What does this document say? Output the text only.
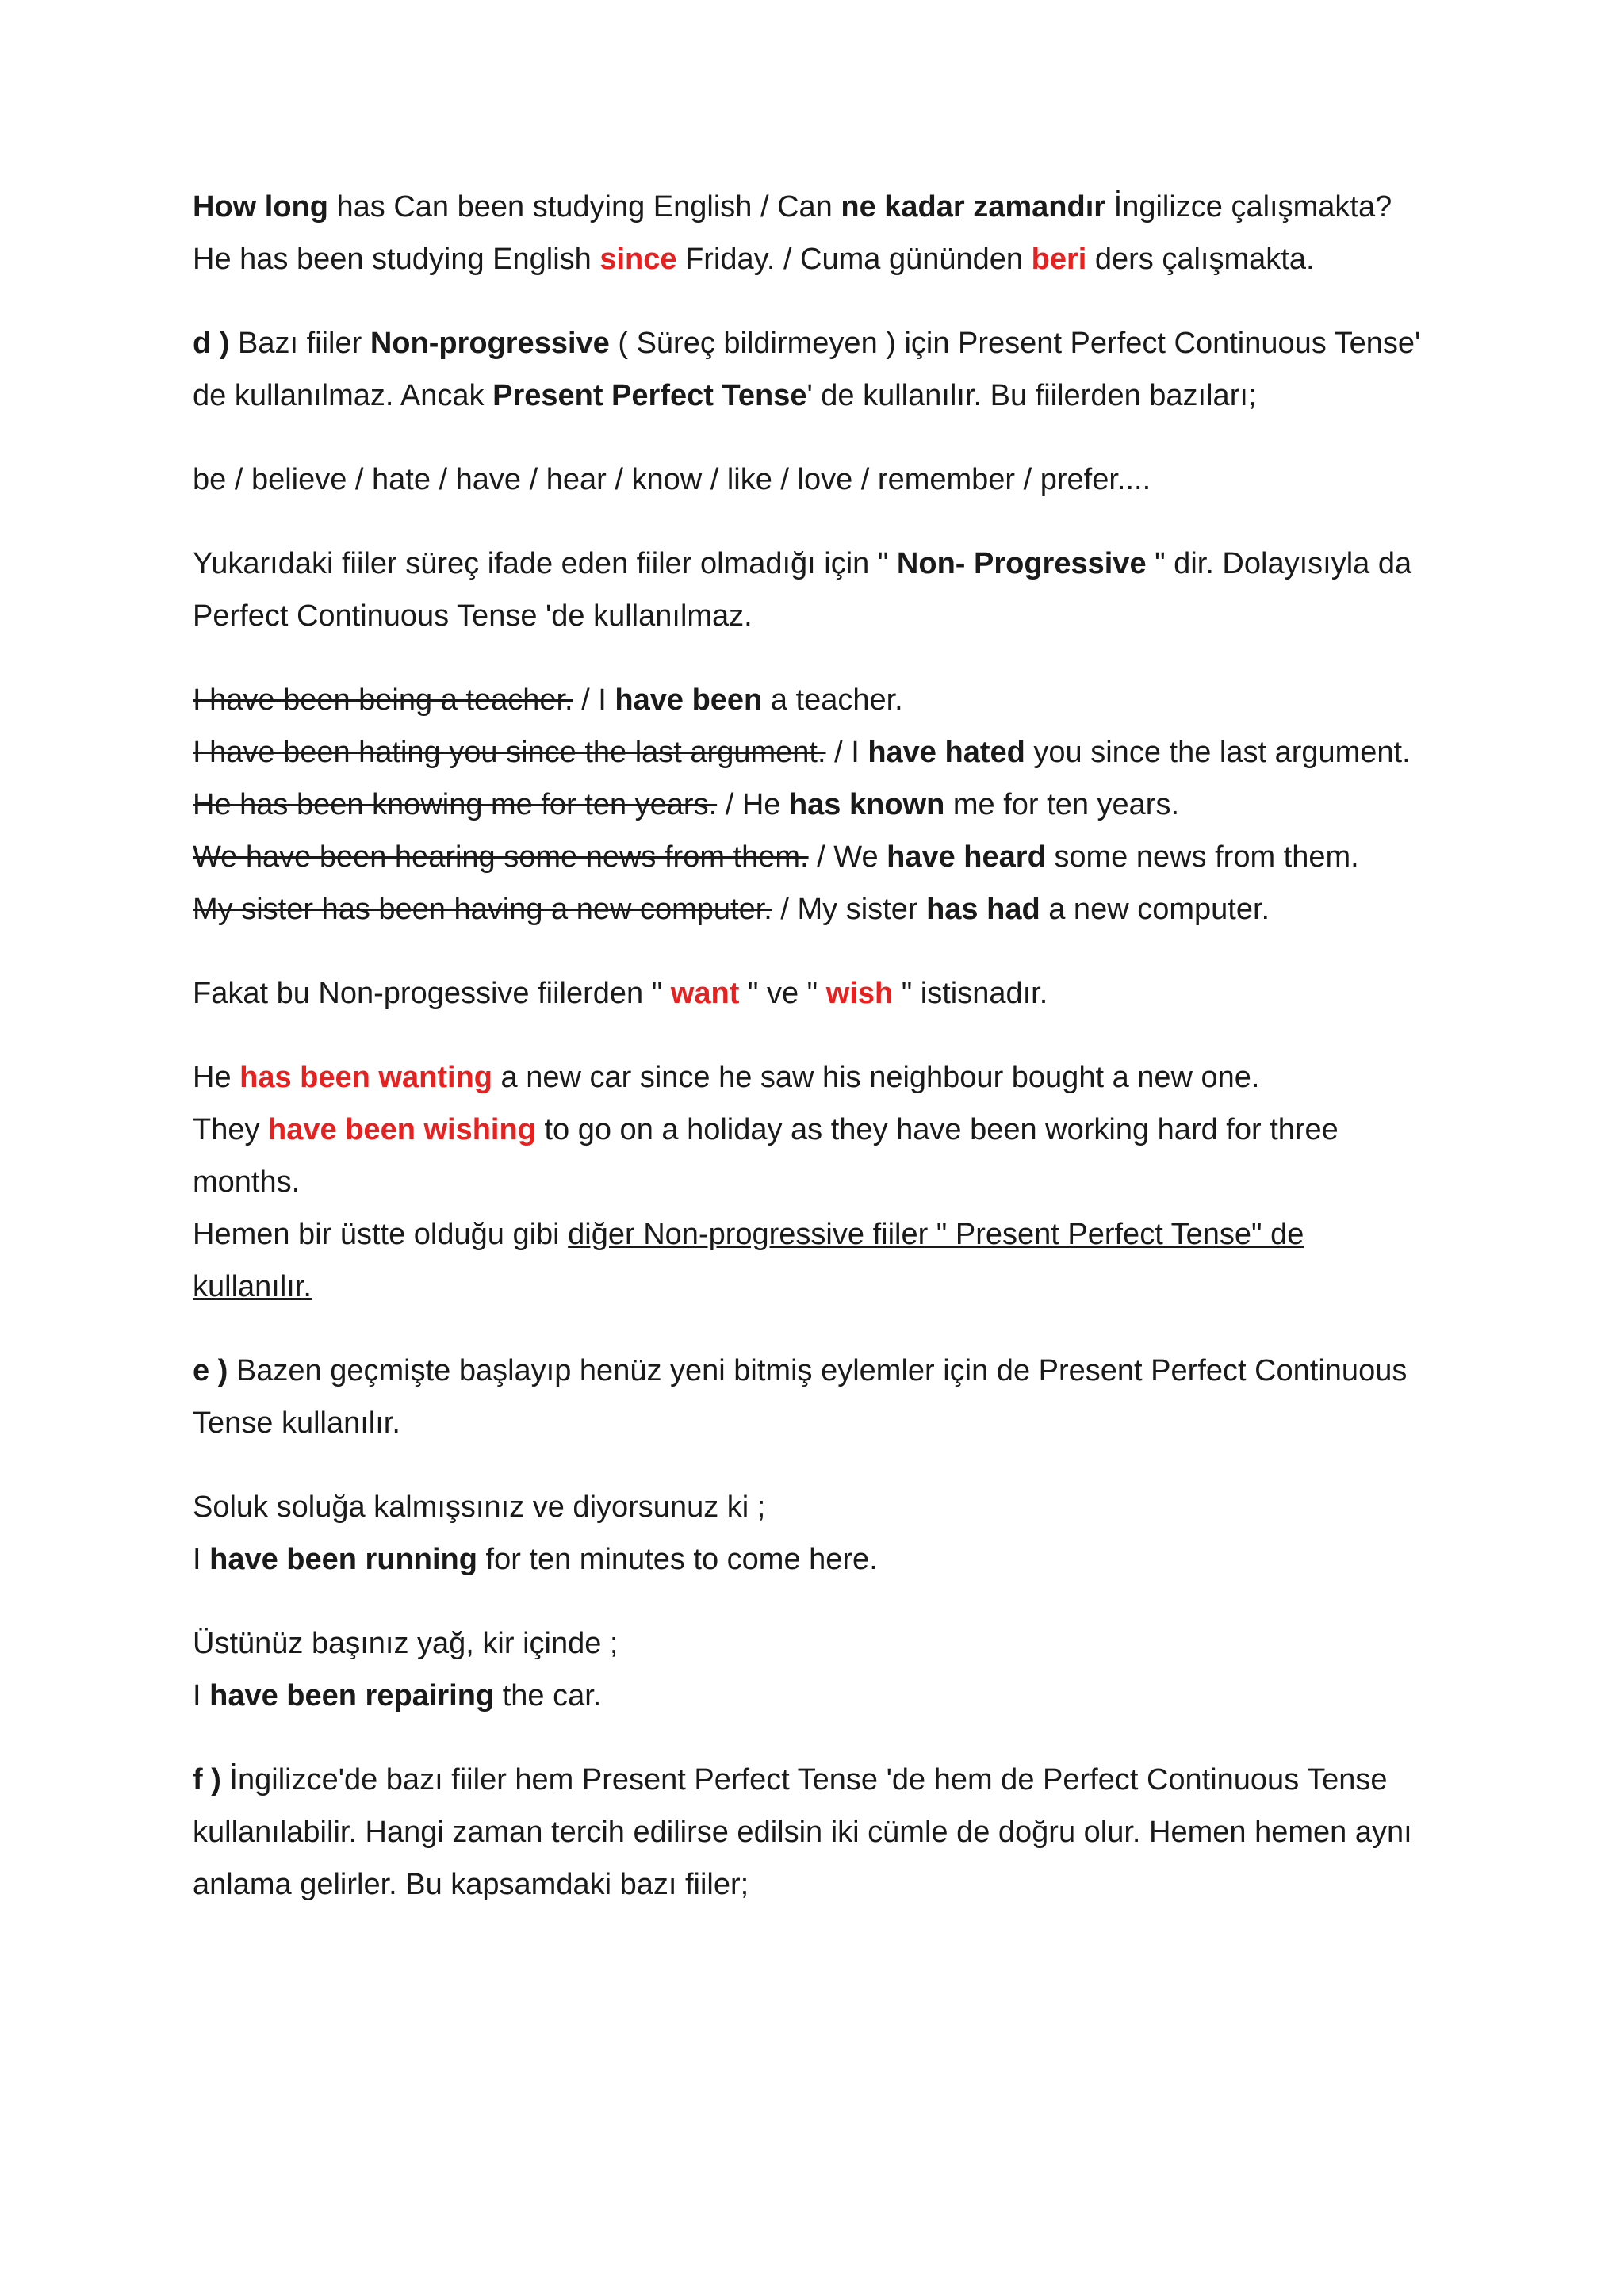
How long has Can been studying English / Can ne kadar zamandır İngilizce çalışmakta?

He has been studying English since Friday. / Cuma gününden beri ders çalışmakta.

d ) Bazı fiiler Non-progressive ( Süreç bildirmeyen ) için Present Perfect Continuous Tense'

de kullanılmaz. Ancak Present Perfect Tense' de kullanılır. Bu fiilerden bazıları;

be / believe / hate / have / hear / know / like / love / remember / prefer....

Yukarıdaki fiiler süreç ifade eden fiiler olmadığı için " Non- Progressive " dir. Dolayısıyla da

Perfect Continuous Tense 'de kullanılmaz.

I have been being a teacher. / I have been a teacher.

I have been hating you since the last argument. / I have hated you since the last argument.

He has been knowing me for ten years. / He has known me for ten years.

We have been hearing some news from them. / We have heard some news from them.

My sister has been having a new computer. / My sister has had a new computer.

Fakat bu Non-progessive fiilerden " want " ve " wish " istisnadır.

He has been wanting a new car since he saw his neighbour bought a new one.

They have been wishing to go on a holiday as they have been working hard for three

months.

Hemen bir üstte olduğu gibi diğer Non-progressive fiiler " Present Perfect Tense" de

kullanılır.

e ) Bazen geçmişte başlayıp henüz yeni bitmiş eylemler için de Present Perfect Continuous

Tense kullanılır.

Soluk soluğa kalmışsınız ve diyorsunuz ki ;

I have been running for ten minutes to come here.

Üstünüz başınız yağ, kir içinde ;

I have been repairing the car.

f ) İngilizce'de bazı fiiler hem Present Perfect Tense 'de hem de Perfect Continuous Tense

kullanılabilir. Hangi zaman tercih edilirse edilsin iki cümle de doğru olur. Hemen hemen aynı

anlama gelirler. Bu kapsamdaki bazı fiiler;
